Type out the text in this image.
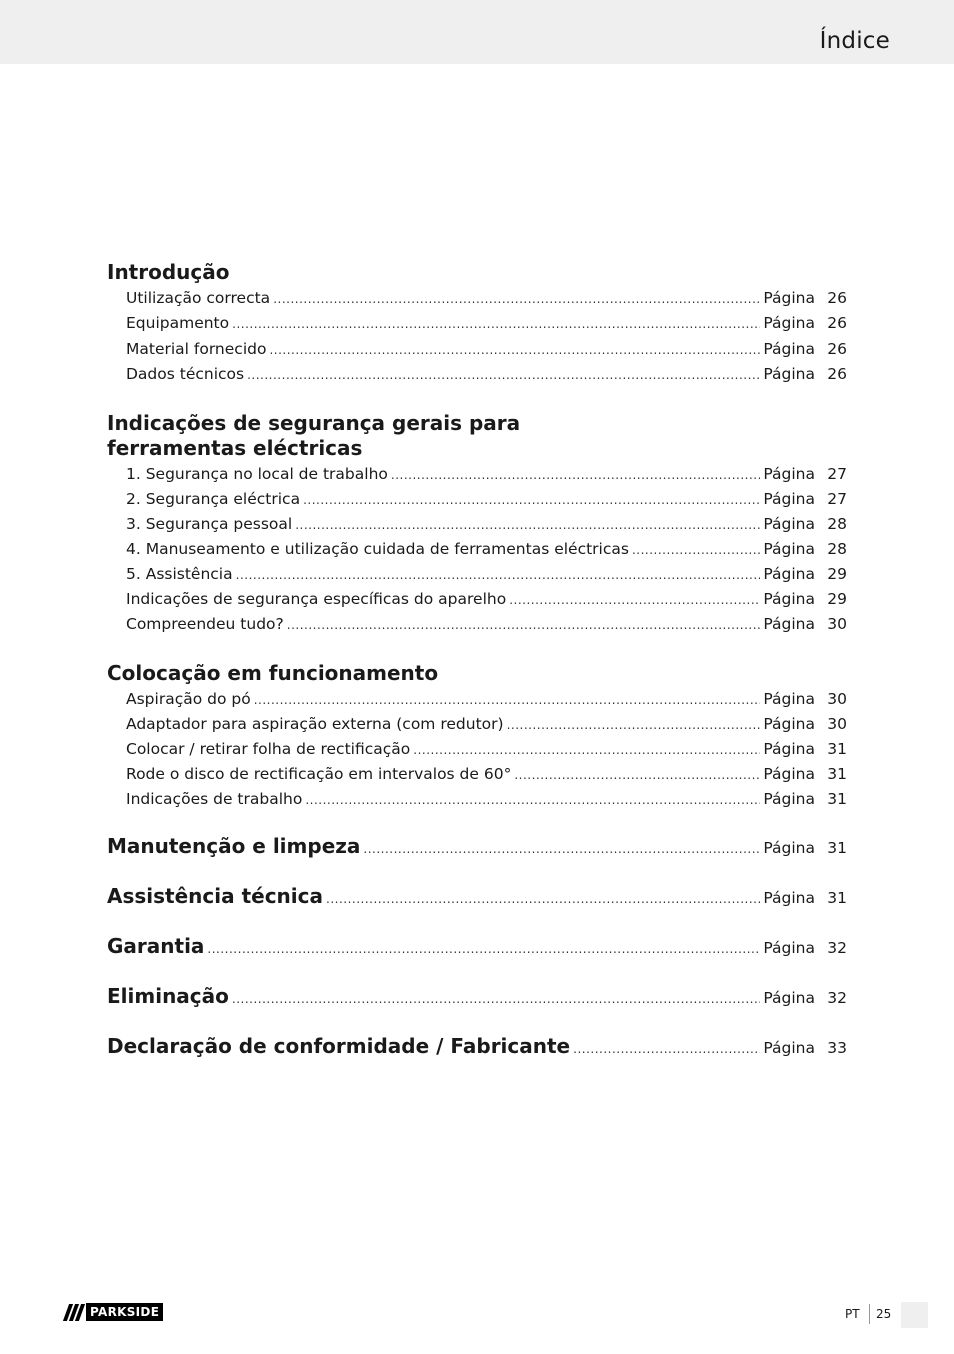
Índice
Introdução
Utilização correcta .....	Página 26
Equipamento .....	Página 26
Material fornecido .....	Página 26
Dados técnicos .....	Página 26
Indicações de segurança gerais para
ferramentas eléctricas
1. Segurança no local de trabalho .....	Página 27
2. Segurança eléctrica .....	Página 27
3. Segurança pessoal .....	Página 28
4. Manuseamento e utilização cuidada de ferramentas eléctricas .....	Página 28
5. Assistência .....	Página 29
Indicações de segurança específicas do aparelho .....	Página 29
Compreendeu tudo? .....	Página 30
Colocação em funcionamento
Aspiração do pó .....	Página 30
Adaptador para aspiração externa (com redutor) .....	Página 30
Colocar / retirar folha de rectificação .....	Página 31
Rode o disco de rectificação em intervalos de 60° .....	Página 31
Indicações de trabalho .....	Página 31
Manutenção e limpeza .....	Página 31
Assistência técnica .....	Página 31
Garantia .....	Página 32
Eliminação .....	Página 32
Declaração de conformidade / Fabricante .....	Página 33
PARKSIDE	PT 25
